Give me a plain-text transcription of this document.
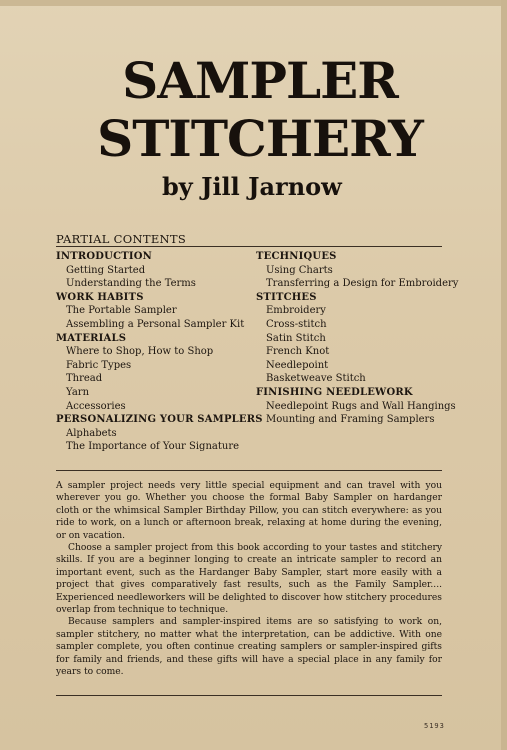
SAMPLER
STITCHERY
by Jill Jarnow
PARTIAL CONTENTS
INTRODUCTION
Getting Started
Understanding the Terms
WORK HABITS
The Portable Sampler
Assembling a Personal Sampler Kit
MATERIALS
Where to Shop, How to Shop
Fabric Types
Thread
Yarn
Accessories
PERSONALIZING YOUR SAMPLERS
Alphabets
The Importance of Your Signature
TECHNIQUES
Using Charts
Transferring a Design for Embroidery
STITCHES
Embroidery
Cross-stitch
Satin Stitch
French Knot
Needlepoint
Basketweave Stitch
FINISHING NEEDLEWORK
Needlepoint Rugs and Wall Hangings
Mounting and Framing Samplers

A sampler project needs very little special equipment and can travel with you wherever you go. Whether you choose the formal Baby Sampler on hardanger cloth or the whimsical Sampler Birthday Pillow, you can stitch everywhere: as you ride to work, on a lunch or afternoon break, relaxing at home during the evening, or on vacation.

Choose a sampler project from this book according to your tastes and stitchery skills. If you are a beginner longing to create an intricate sampler to record an important event, such as the Hardanger Baby Sampler, start more easily with a project that gives comparatively fast results, such as the Family Sampler.... Experienced needleworkers will be delighted to discover how stitchery procedures overlap from technique to technique.

Because samplers and sampler-inspired items are so satisfying to work on, sampler stitchery, no matter what the interpretation, can be addictive. With one sampler complete, you often continue creating samplers or sampler-inspired gifts for family and friends, and these gifts will have a special place in any family for years to come.

5193
